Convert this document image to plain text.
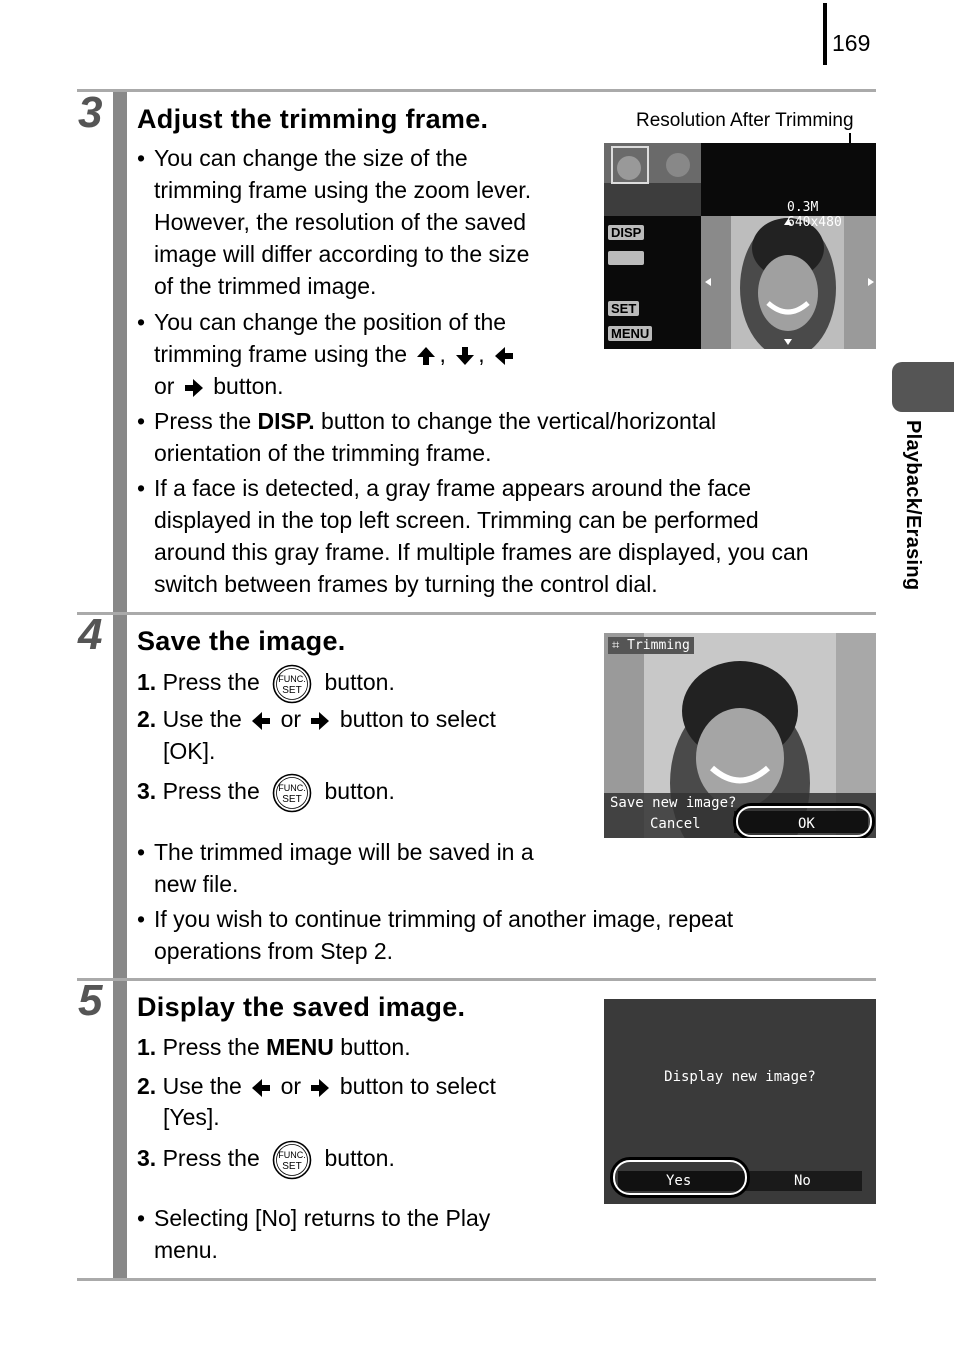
169
Playback/Erasing
3 Adjust the trimming frame.	Resolution After Trimming
0.3M 640x480
DISP
SET
MENU
• You can change the size of the
trimming frame using the zoom lever.
However, the resolution of the saved
image will differ according to the size
of the trimmed image.
• You can change the position of the
trimming frame using the , ,
or button.
• Press the DISP. button to change the vertical/horizontal
orientation of the trimming frame.
• If a face is detected, a gray frame appears around the face
displayed in the top left screen. Trimming can be performed
around this gray frame. If multiple frames are displayed, you can
switch between frames by turning the control dial.
4 Save the image.	⌗ Trimming
Save new image?
Cancel	OK
1. Press the FUNC.
SET button.
2. Use the or button to select
[OK].
3. Press the FUNC.
SET button.
• The trimmed image will be saved in a
new file.
• If you wish to continue trimming of another image, repeat
operations from Step 2.
5 Display the saved image.
Display new image?
Yes	No
1. Press the MENU button.
2. Use the or button to select
[Yes].
3. Press the FUNC.
SET button.
• Selecting [No] returns to the Play
menu.
